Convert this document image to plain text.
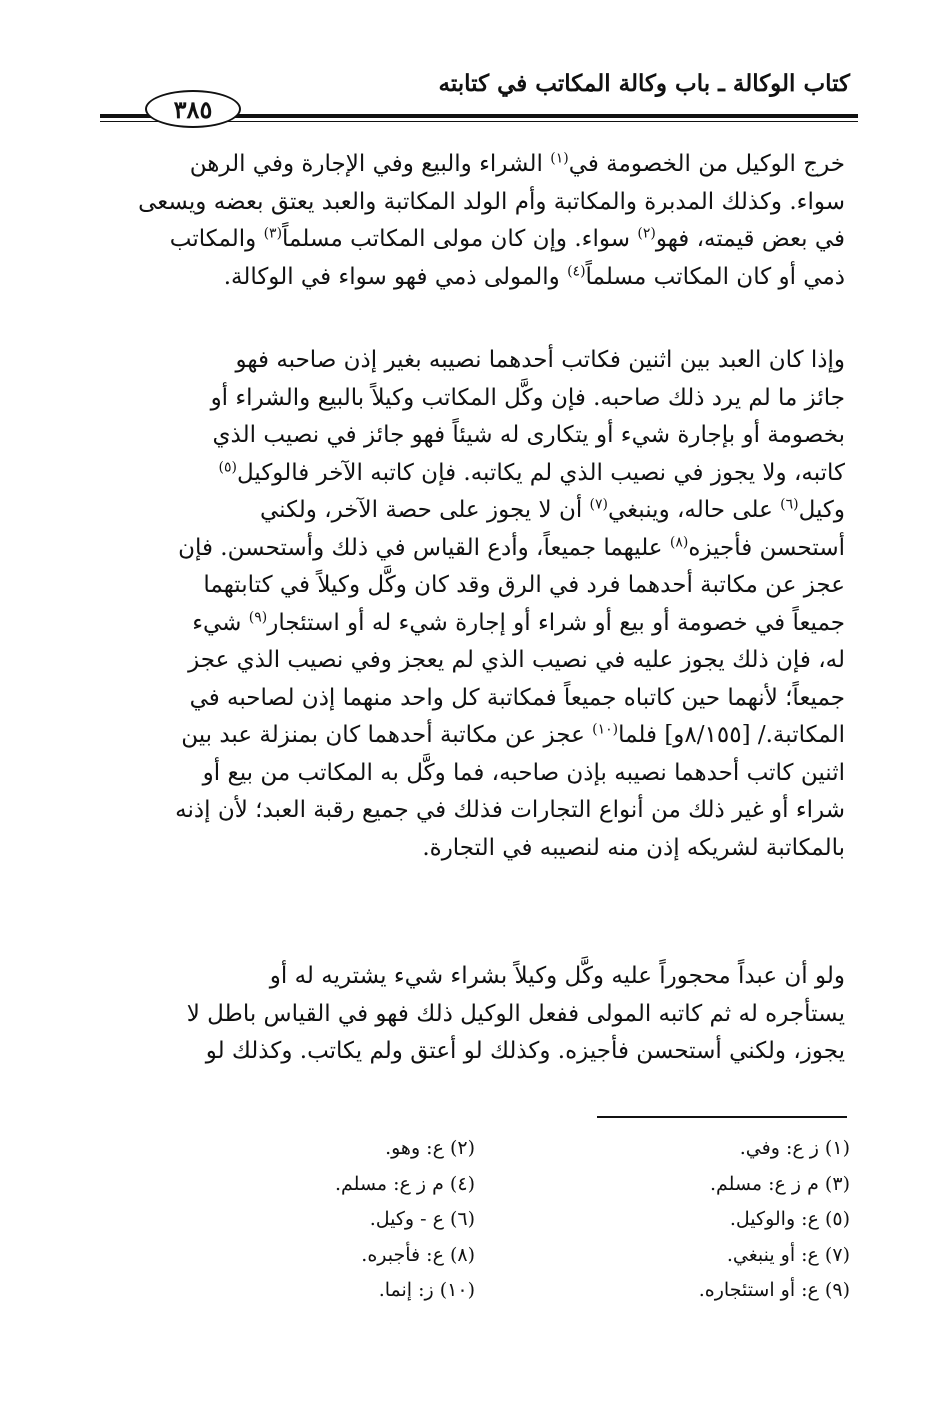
٣٨٥
كتاب الوكالة ـ باب وكالة المكاتب في كتابته
خرج الوكيل من الخصومة في$^{(١)}$ الشراء والبيع وفي الإجارة وفي الرهن
سواء. وكذلك المدبرة والمكاتبة وأم الولد المكاتبة والعبد يعتق بعضه ويسعى
في بعض قيمته، فهو$^{(٢)}$ سواء. وإن كان مولى المكاتب مسلماً$^{(٣)}$ والمكاتب
ذمي أو كان المكاتب مسلماً$^{(٤)}$ والمولى ذمي فهو سواء في الوكالة.
وإذا كان العبد بين اثنين فكاتب أحدهما نصيبه بغير إذن صاحبه فهو
جائز ما لم يرد ذلك صاحبه. فإن وكَّل المكاتب وكيلاً بالبيع والشراء أو
بخصومة أو بإجارة شيء أو يتكارى له شيئاً فهو جائز في نصيب الذي
كاتبه، ولا يجوز في نصيب الذي لم يكاتبه. فإن كاتبه الآخر فالوكيل$^{(٥)}$
وكيل$^{(٦)}$ على حاله، وينبغي$^{(٧)}$ أن لا يجوز على حصة الآخر، ولكني
أستحسن فأجيزه$^{(٨)}$ عليهما جميعاً، وأدع القياس في ذلك وأستحسن. فإن
عجز عن مكاتبة أحدهما فرد في الرق وقد كان وكَّل وكيلاً في كتابتهما
جميعاً في خصومة أو بيع أو شراء أو إجارة شيء له أو استئجار$^{(٩)}$ شيء
له، فإن ذلك يجوز عليه في نصيب الذي لم يعجز وفي نصيب الذي عجز
جميعاً؛ لأنهما حين كاتباه جميعاً فمكاتبة كل واحد منهما إذن لصاحبه في
المكاتبة./ [٨/١٥٥و] فلما$^{(١٠)}$ عجز عن مكاتبة أحدهما كان بمنزلة عبد بين
اثنين كاتب أحدهما نصيبه بإذن صاحبه، فما وكَّل به المكاتب من بيع أو
شراء أو غير ذلك من أنواع التجارات فذلك في جميع رقبة العبد؛ لأن إذنه
بالمكاتبة لشريكه إذن منه لنصيبه في التجارة.
ولو أن عبداً محجوراً عليه وكَّل وكيلاً بشراء شيء يشتريه له أو
يستأجره له ثم كاتبه المولى ففعل الوكيل ذلك فهو في القياس باطل لا
يجوز، ولكني أستحسن فأجيزه. وكذلك لو أعتق ولم يكاتب. وكذلك لو
(١) ز ع: وفي.
(٣) م ز ع: مسلم.
(٥) ع: والوكيل.
(٧) ع: أو ينبغي.
(٩) ع: أو استئجاره.
(٢) ع: وهو.
(٤) م ز ع: مسلم.
(٦) ع - وكيل.
(٨) ع: فأجبره.
(١٠) ز: إنما.
